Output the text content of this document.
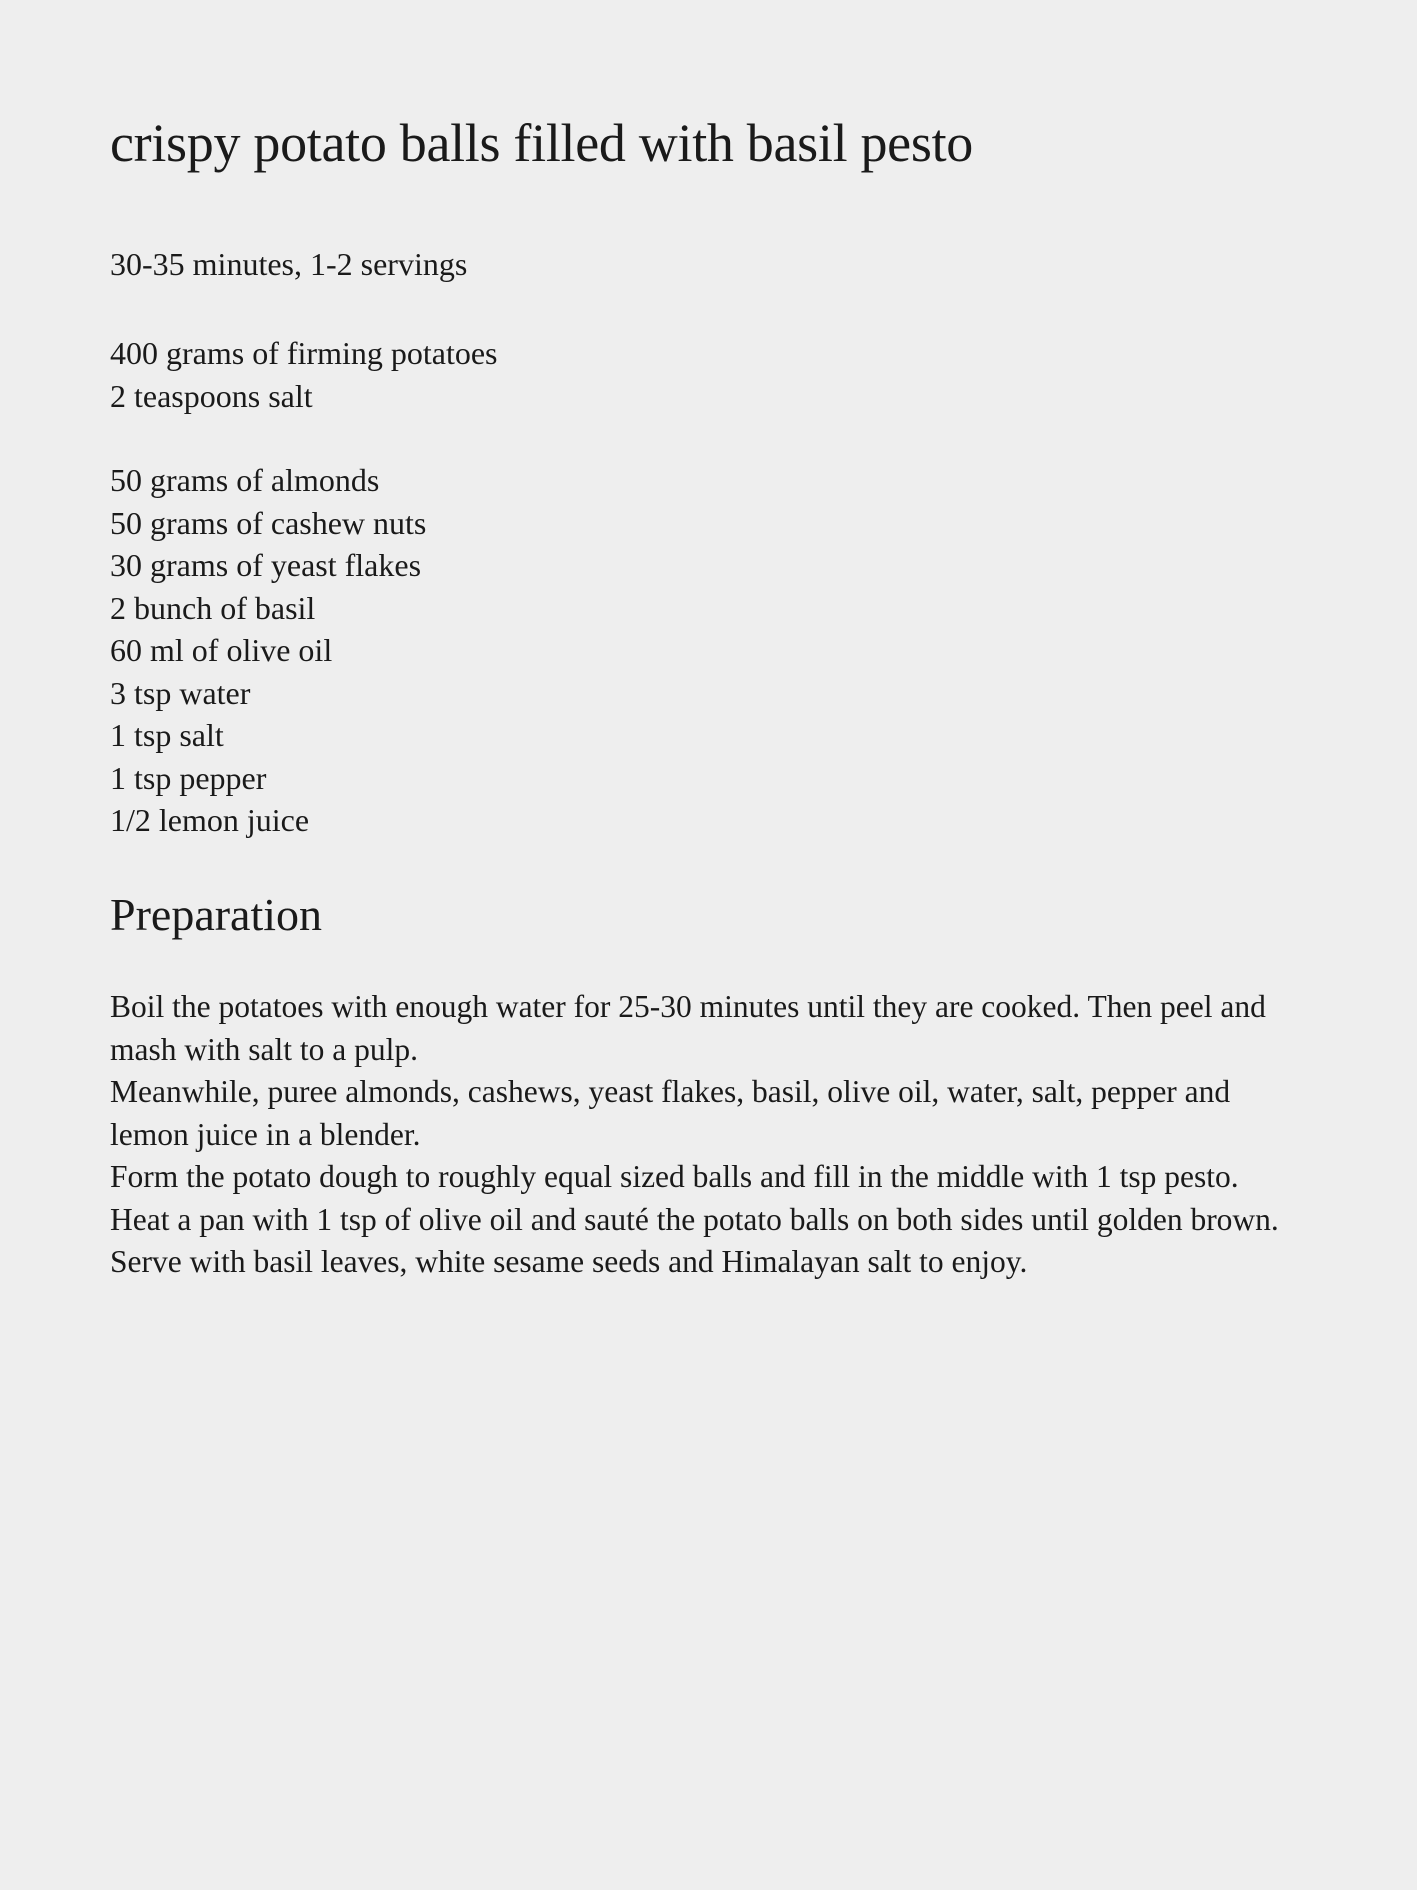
crispy potato balls filled with basil pesto

30-35 minutes, 1-2 servings

400 grams of firming potatoes
2 teaspoons salt
50 grams of almonds
50 grams of cashew nuts
30 grams of yeast flakes
2 bunch of basil
60 ml of olive oil
3 tsp water
1 tsp salt
1 tsp pepper
1/2 lemon juice
Preparation
Boil the potatoes with enough water for 25-30 minutes until they are cooked. Then peel and mash with salt to a pulp.
Meanwhile, puree almonds, cashews, yeast flakes, basil, olive oil, water, salt, pepper and lemon juice in a blender.
Form the potato dough to roughly equal sized balls and fill in the middle with 1 tsp pesto.
Heat a pan with 1 tsp of olive oil and sauté the potato balls on both sides until golden brown.
Serve with basil leaves, white sesame seeds and Himalayan salt to enjoy.
